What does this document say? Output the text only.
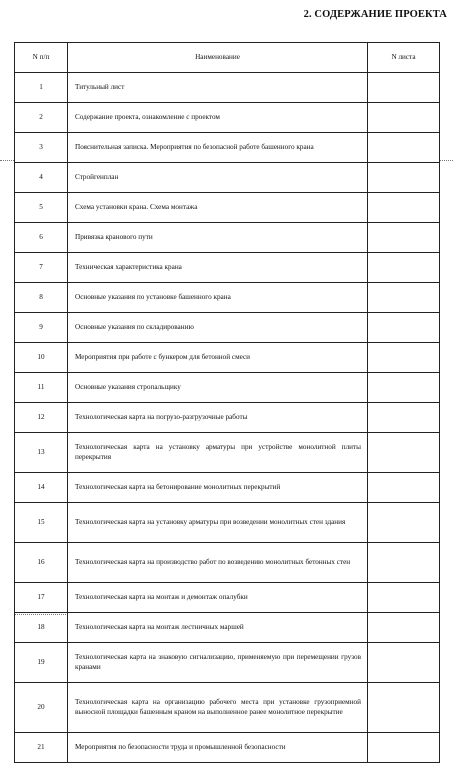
2. СОДЕРЖАНИЕ ПРОЕКТА
N п/п	Наименование	N листа
1	Титульный лист	
2	Содержание проекта, ознакомление с проектом	
3	Пояснительная записка. Мероприятия по безопасной работе башенного крана	
4	Стройгенплан	
5	Схема установки крана. Схема монтажа	
6	Привязка кранового пути	
7	Техническая характеристика крана	
8	Основные указания по установке башенного крана	
9	Основные указания по складированию	
10	Мероприятия при работе с бункером для бетонной смеси	
11	Основные указания стропальщику	
12	Технологическая карта на погрузо-разгрузочные работы	
13	Технологическая карта на установку арматуры при устройстве монолитной плиты перекрытия	
14	Технологическая карта на бетонирование монолитных перекрытий	
15	Технологическая карта на установку арматуры при возведении монолитных стен здания	
16	Технологическая карта на производство работ по возведению монолитных бетонных стен	
17	Технологическая карта на монтаж и демонтаж опалубки	
18	Технологическая карта на монтаж лестничных маршей	
19	Технологическая карта на знаковую сигнализацию, применяемую при перемещении грузов кранами	
20	Технологическая карта на организацию рабочего места при установке грузоприемной выносной площадки башенным краном на выполненное ранее монолитное перекрытие	
21	Мероприятия по безопасности труда и промышленной безопасности	
